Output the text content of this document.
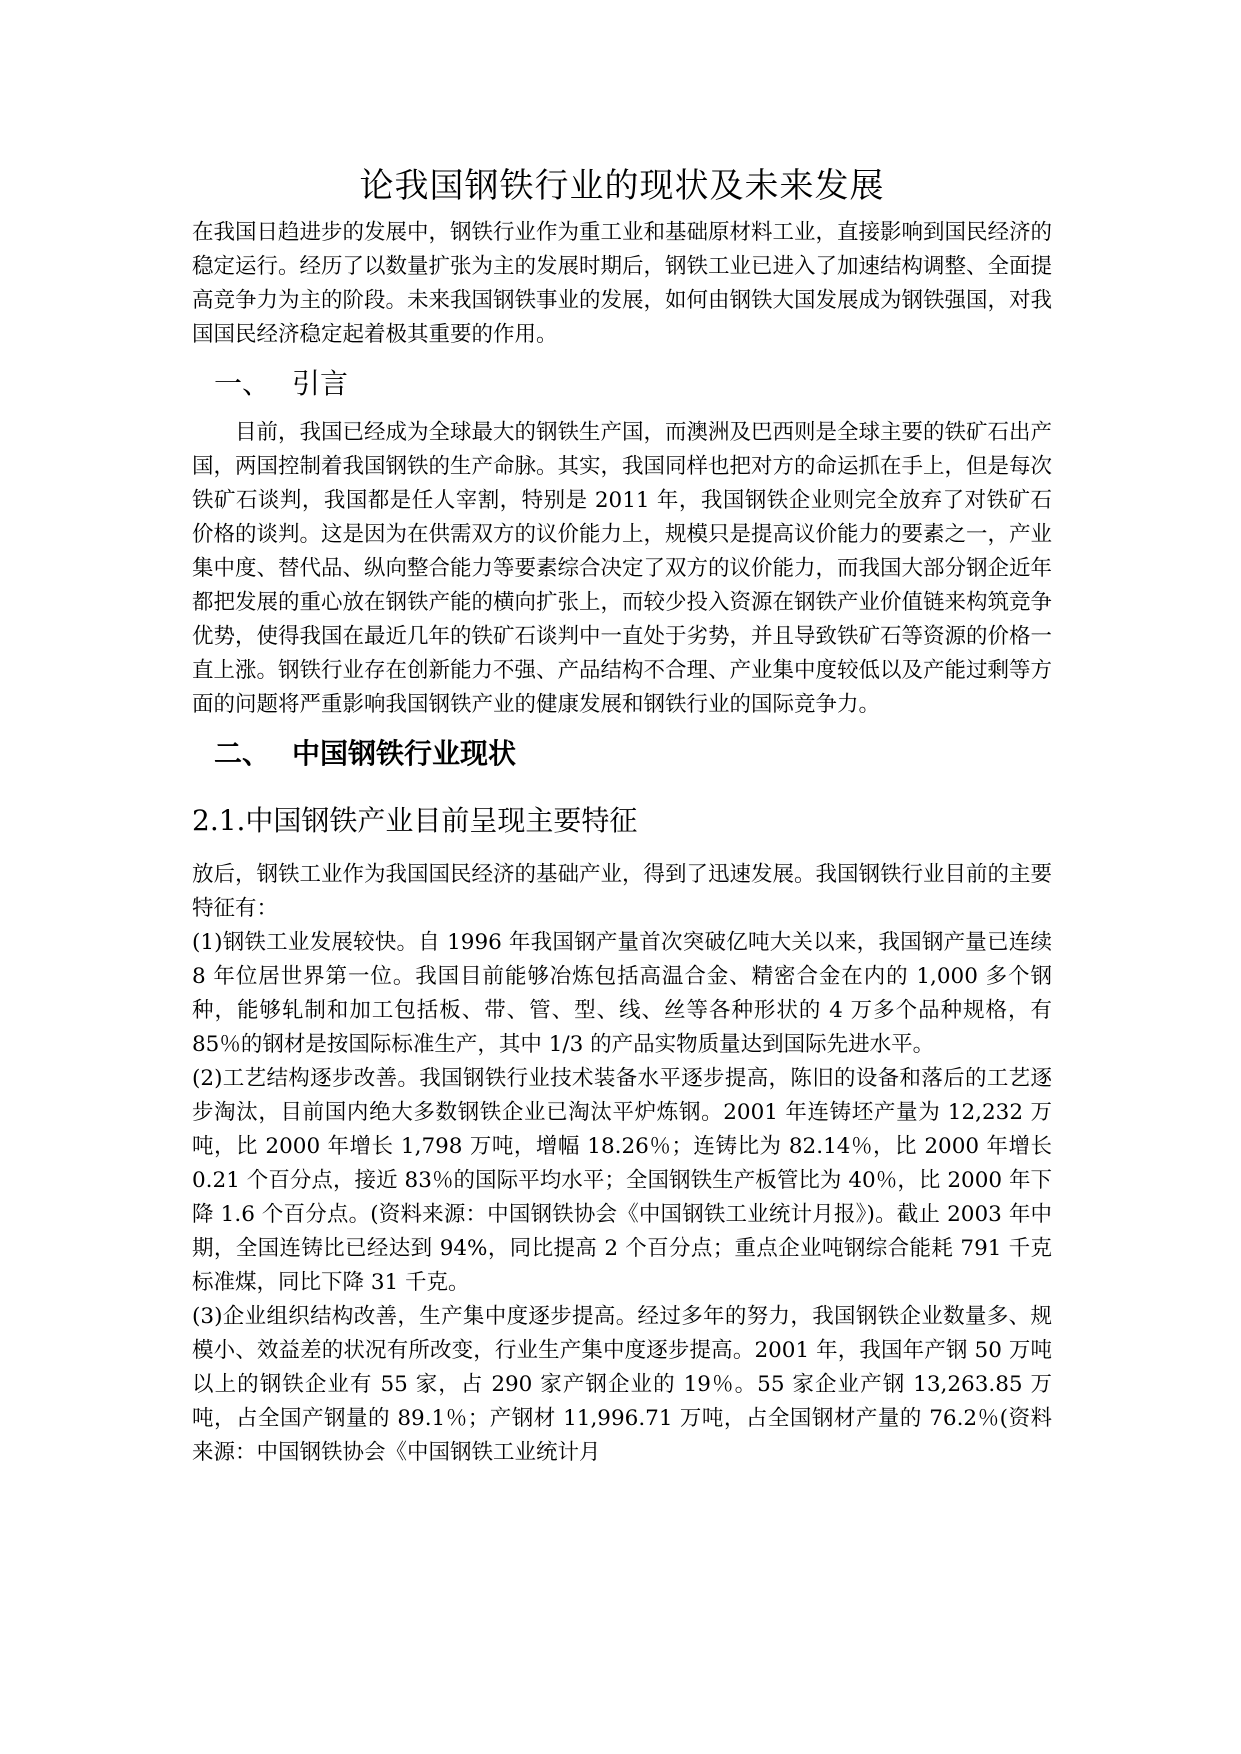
论我国钢铁行业的现状及未来发展

在我国日趋进步的发展中，钢铁行业作为重工业和基础原材料工业，直接影响到国民经济的稳定运行。经历了以数量扩张为主的发展时期后，钢铁工业已进入了加速结构调整、全面提高竞争力为主的阶段。未来我国钢铁事业的发展，如何由钢铁大国发展成为钢铁强国，对我国国民经济稳定起着极其重要的作用。

一、 引言

目前，我国已经成为全球最大的钢铁生产国，而澳洲及巴西则是全球主要的铁矿石出产国，两国控制着我国钢铁的生产命脉。其实，我国同样也把对方的命运抓在手上，但是每次铁矿石谈判，我国都是任人宰割，特别是 2011 年，我国钢铁企业则完全放弃了对铁矿石价格的谈判。这是因为在供需双方的议价能力上，规模只是提高议价能力的要素之一，产业集中度、替代品、纵向整合能力等要素综合决定了双方的议价能力，而我国大部分钢企近年都把发展的重心放在钢铁产能的横向扩张上，而较少投入资源在钢铁产业价值链来构筑竞争优势，使得我国在最近几年的铁矿石谈判中一直处于劣势，并且导致铁矿石等资源的价格一直上涨。钢铁行业存在创新能力不强、产品结构不合理、产业集中度较低以及产能过剩等方面的问题将严重影响我国钢铁产业的健康发展和钢铁行业的国际竞争力。

二、 中国钢铁行业现状
2.1.中国钢铁产业目前呈现主要特征

放后，钢铁工业作为我国国民经济的基础产业，得到了迅速发展。我国钢铁行业目前的主要特征有：

(1)钢铁工业发展较快。自 1996 年我国钢产量首次突破亿吨大关以来，我国钢产量已连续 8 年位居世界第一位。我国目前能够冶炼包括高温合金、精密合金在内的 1,000 多个钢种，能够轧制和加工包括板、带、管、型、线、丝等各种形状的 4 万多个品种规格，有 85％的钢材是按国际标准生产，其中 1/3 的产品实物质量达到国际先进水平。

(2)工艺结构逐步改善。我国钢铁行业技术装备水平逐步提高，陈旧的设备和落后的工艺逐步淘汰，目前国内绝大多数钢铁企业已淘汰平炉炼钢。2001 年连铸坯产量为 12,232 万吨，比 2000 年增长 1,798 万吨，增幅 18.26％；连铸比为 82.14％，比 2000 年增长 0.21 个百分点，接近 83％的国际平均水平；全国钢铁生产板管比为 40％，比 2000 年下降 1.6 个百分点。(资料来源：中国钢铁协会《中国钢铁工业统计月报》)。截止 2003 年中期，全国连铸比已经达到 94%，同比提高 2 个百分点；重点企业吨钢综合能耗 791 千克标准煤，同比下降 31 千克。

(3)企业组织结构改善，生产集中度逐步提高。经过多年的努力，我国钢铁企业数量多、规模小、效益差的状况有所改变，行业生产集中度逐步提高。2001 年，我国年产钢 50 万吨以上的钢铁企业有 55 家，占 290 家产钢企业的 19％。55 家企业产钢 13,263.85 万吨，占全国产钢量的 89.1％；产钢材 11,996.71 万吨，占全国钢材产量的 76.2％(资料来源：中国钢铁协会《中国钢铁工业统计月
